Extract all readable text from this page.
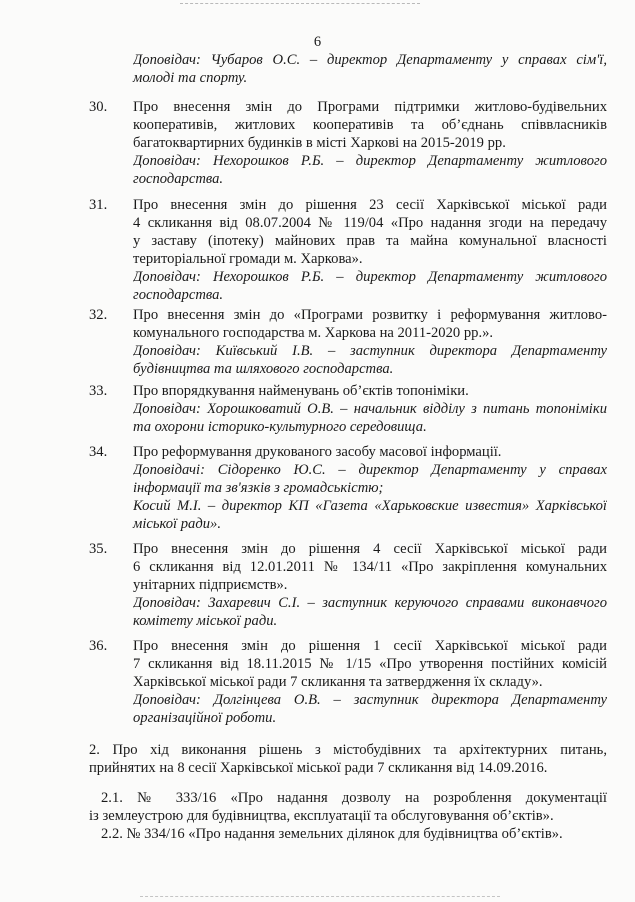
6
Доповідач: Чубаров О.С. – директор Департаменту у справах сім'ї,
молоді та спорту.
30. Про внесення змін до Програми підтримки житлово-будівельних
кооперативів, житлових кооперативів та об’єднань співвласників
багатоквартирних будинків в місті Харкові на 2015-2019 рр.
Доповідач: Нехорошков Р.Б. – директор Департаменту житлового
господарства.
31. Про внесення змін до рішення 23 сесії Харківської міської ради
4 скликання від 08.07.2004 № 119/04 «Про надання згоди на передачу
у заставу (іпотеку) майнових прав та майна комунальної власності
територіальної громади м. Харкова».
Доповідач: Нехорошков Р.Б. – директор Департаменту житлового
господарства.
32. Про внесення змін до «Програми розвитку і реформування житлово-
комунального господарства м. Харкова на 2011-2020 рр.».
Доповідач: Київський І.В. – заступник директора Департаменту
будівництва та шляхового господарства.
33. Про впорядкування найменувань об’єктів топоніміки.
Доповідач: Хорошковатий О.В. – начальник відділу з питань топоніміки
та охорони історико-культурного середовища.
34. Про реформування друкованого засобу масової інформації.
Доповідачі: Сідоренко Ю.С. – директор Департаменту у справах
інформації та зв'язків з громадськістю;
Косий М.І. – директор КП «Газета «Харьковские известия» Харківської
міської ради».
35. Про внесення змін до рішення 4 сесії Харківської міської ради
6 скликання від 12.01.2011 № 134/11 «Про закріплення комунальних
унітарних підприємств».
Доповідач: Захаревич С.І. – заступник керуючого справами виконавчого
комітету міської ради.
36. Про внесення змін до рішення 1 сесії Харківської міської ради
7 скликання від 18.11.2015 № 1/15 «Про утворення постійних комісій
Харківської міської ради 7 скликання та затвердження їх складу».
Доповідач: Долгінцева О.В. – заступник директора Департаменту
організаційної роботи.
2. Про хід виконання рішень з містобудівних та архітектурних питань,
прийнятих на 8 сесії Харківської міської ради 7 скликання від 14.09.2016.
2.1. № 333/16 «Про надання дозволу на розроблення документації
із землеустрою для будівництва, експлуатації та обслуговування об’єктів».
2.2. № 334/16 «Про надання земельних ділянок для будівництва об’єктів».
